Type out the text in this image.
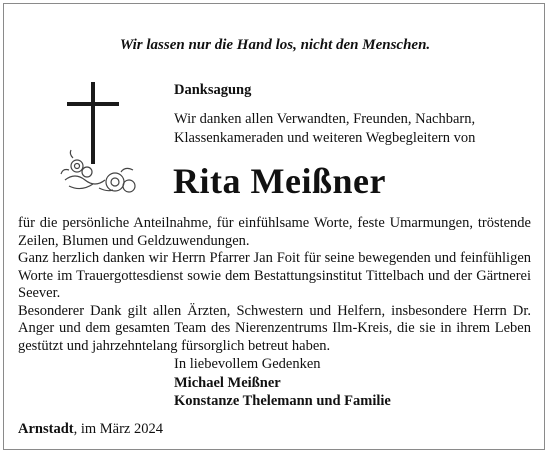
Wir lassen nur die Hand los, nicht den Menschen.
Danksagung
Wir danken allen Verwandten, Freunden, Nachbarn,
Klassenkameraden und weiteren Wegbegleitern von
Rita Meißner

für die persönliche Anteilnahme, für einfühlsame Worte, feste Umarmungen, tröstende Zeilen, Blumen und Geldzuwendungen.

Ganz herzlich danken wir Herrn Pfarrer Jan Foit für seine bewegenden und feinfühligen Worte im Trauergottesdienst sowie dem Bestattungsinstitut Tittelbach und der Gärtnerei Seever.

Besonderer Dank gilt allen Ärzten, Schwestern und Helfern, insbesondere Herrn Dr. Anger und dem gesamten Team des Nierenzentrums Ilm-Kreis, die sie in ihrem Leben gestützt und jahrzehntelang fürsorglich betreut haben.

In liebevollem Gedenken
Michael Meißner
Konstanze Thelemann und Familie
Arnstadt, im März 2024
